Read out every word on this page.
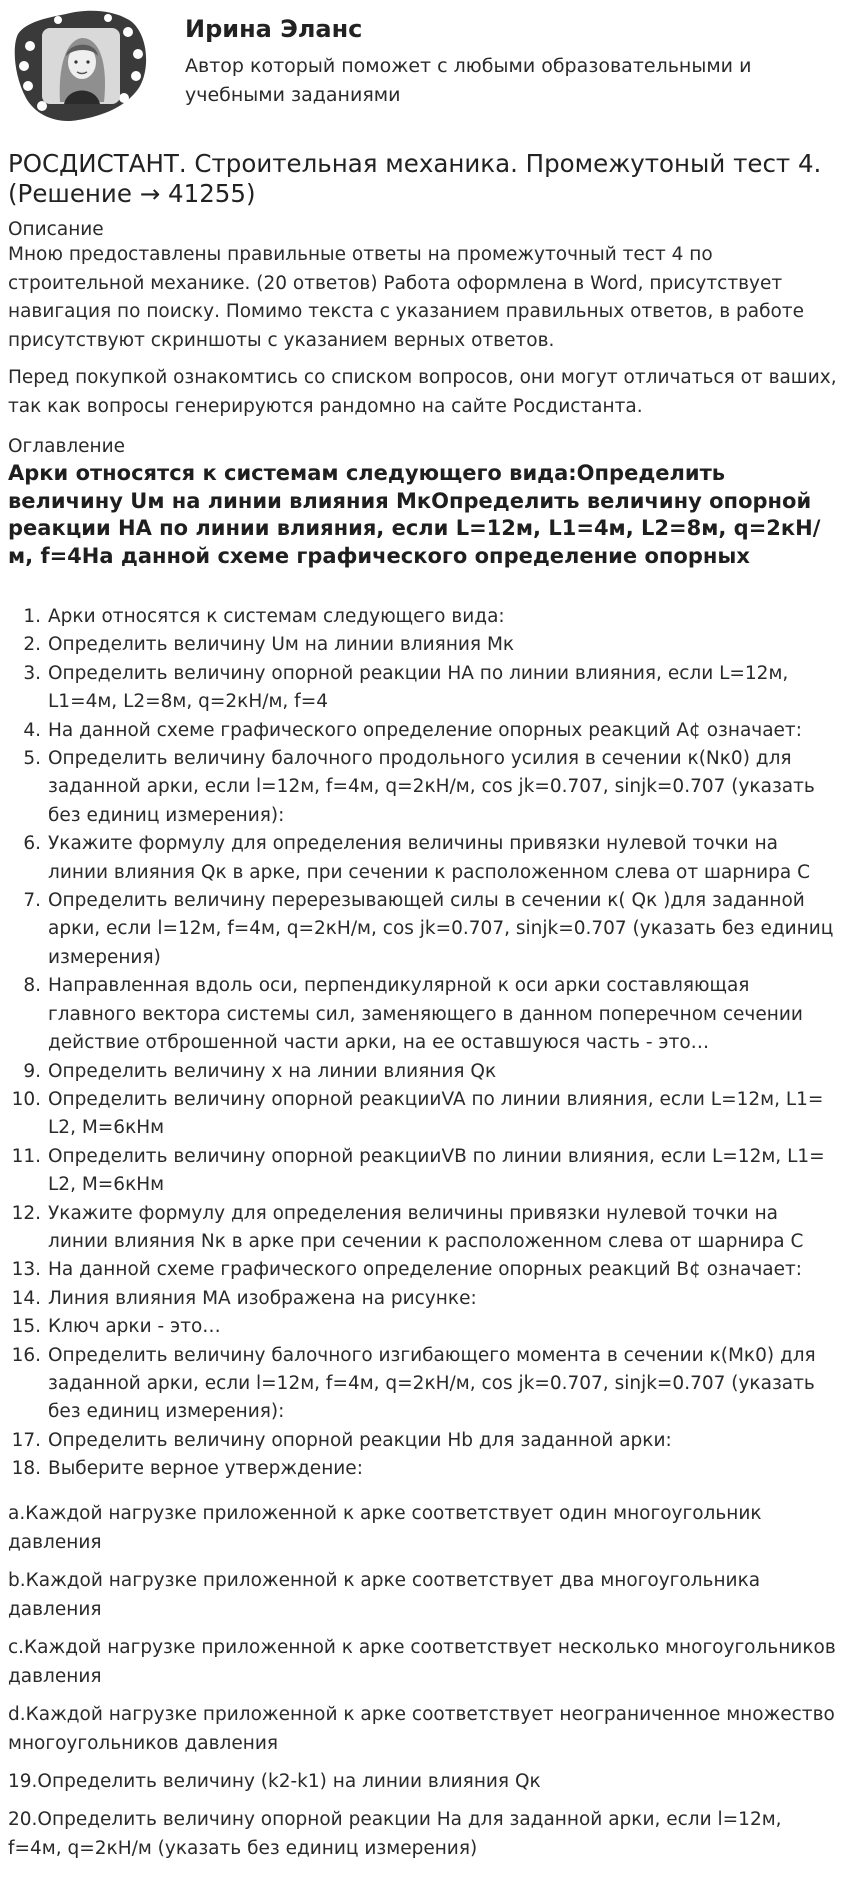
Ирина Эланс
Автор который поможет с любыми образовательными и учебными заданиями
РОСДИСТАНТ. Строительная механика. Промежутоный тест 4. (Решение → 41255)
Описание
Мною предоставлены правильные ответы на промежуточный тест 4 по строительной механике. (20 ответов) Работа оформлена в Word, присутствует навигация по поиску. Помимо текста с указанием правильных ответов, в работе присутствуют скриншоты с указанием верных ответов.
Перед покупкой ознакомтись со списком вопросов, они могут отличаться от ваших, так как вопросы генерируются рандомно на сайте Росдистанта.
Оглавление
Арки относятся к системам следующего вида:Определить величину Uм на линии влияния МкОпределить величину опорной реакции НА по линии влияния, если L=12м, L1=4м, L2=8м, q=2кН/м, f=4На данной схеме графического определение опорных
1. Арки относятся к системам следующего вида:
2. Определить величину Uм на линии влияния Мк
3. Определить величину опорной реакции НА по линии влияния, если L=12м, L1=4м, L2=8м, q=2кН/м, f=4
4. На данной схеме графического определение опорных реакций А¢ означает:
5. Определить величину балочного продольного усилия в сечении к(Nк0) для заданной арки, если l=12м, f=4м, q=2кН/м, cos jk=0.707, sinjk=0.707 (указать без единиц измерения):
6. Укажите формулу для определения величины привязки нулевой точки на линии влияния Qк в арке, при сечении к расположенном слева от шарнира С
7. Определить величину перерезывающей силы в сечении к( Qк )для заданной арки, если l=12м, f=4м, q=2кН/м, cos jk=0.707, sinjk=0.707 (указать без единиц измерения)
8. Направленная вдоль оси, перпендикулярной к оси арки составляющая главного вектора системы сил, заменяющего в данном поперечном сечении действие отброшенной части арки, на ее оставшуюся часть - это…
9. Определить величину х на линии влияния Qк
10. Определить величину опорной реакцииVA по линии влияния, если L=12м, L1= L2, M=6кНм
11. Определить величину опорной реакцииVB по линии влияния, если L=12м, L1= L2, M=6кНм
12. Укажите формулу для определения величины привязки нулевой точки на линии влияния Nк в арке при сечении к расположенном слева от шарнира С
13. На данной схеме графического определение опорных реакций В¢ означает:
14. Линия влияния МА изображена на рисунке:
15. Ключ арки - это…
16. Определить величину балочного изгибающего момента в сечении к(Мк0) для заданной арки, если l=12м, f=4м, q=2кН/м, cos jk=0.707, sinjk=0.707 (указать без единиц измерения):
17. Определить величину опорной реакции Hb для заданной арки:
18. Выберите верное утверждение:
a.Каждой нагрузке приложенной к арке соответствует один многоугольник давления
b.Каждой нагрузке приложенной к арке соответствует два многоугольника давления
c.Каждой нагрузке приложенной к арке соответствует несколько многоугольников давления
d.Каждой нагрузке приложенной к арке соответствует неограниченное множество многоугольников давления
19.Определить величину (k2-k1) на линии влияния Qк
20.Определить величину опорной реакции На для заданной арки, если l=12м, f=4м, q=2кН/м (указать без единиц измерения)
